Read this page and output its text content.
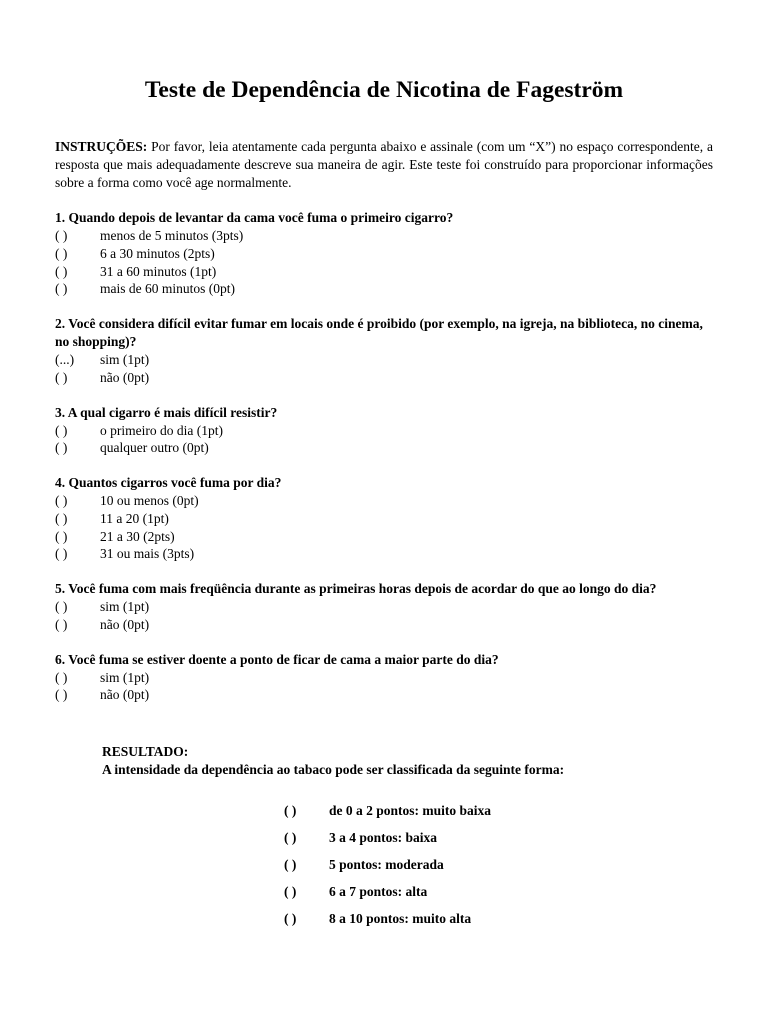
Teste de Dependência de Nicotina de Fageström
INSTRUÇÕES: Por favor, leia atentamente cada pergunta abaixo e assinale (com um “X”) no espaço correspondente, a resposta que mais adequadamente descreve sua maneira de agir. Este teste foi construído para proporcionar informações sobre a forma como você age normalmente.
1. Quando depois de levantar da cama você fuma o primeiro cigarro?
( ) menos de 5 minutos (3pts)
( ) 6 a 30 minutos (2pts)
( ) 31 a 60 minutos (1pt)
( ) mais de 60 minutos (0pt)
2. Você considera difícil evitar fumar em locais onde é proibido (por exemplo, na igreja, na biblioteca, no cinema, no shopping)?
(...) sim (1pt)
( ) não (0pt)
3. A qual cigarro é mais difícil resistir?
( ) o primeiro do dia (1pt)
( ) qualquer outro (0pt)
4. Quantos cigarros você fuma por dia?
( ) 10 ou menos (0pt)
( ) 11 a 20 (1pt)
( ) 21 a 30 (2pts)
( ) 31 ou mais (3pts)
5. Você fuma com mais freqüência durante as primeiras horas depois de acordar do que ao longo do dia?
( ) sim (1pt)
( ) não (0pt)
6. Você fuma se estiver doente a ponto de ficar de cama a maior parte do dia?
( ) sim (1pt)
( ) não (0pt)
RESULTADO:
A intensidade da dependência ao tabaco pode ser classificada da seguinte forma:
( ) de 0 a 2 pontos: muito baixa
( ) 3 a 4 pontos: baixa
( ) 5 pontos: moderada
( ) 6 a 7 pontos: alta
( ) 8 a 10 pontos: muito alta
